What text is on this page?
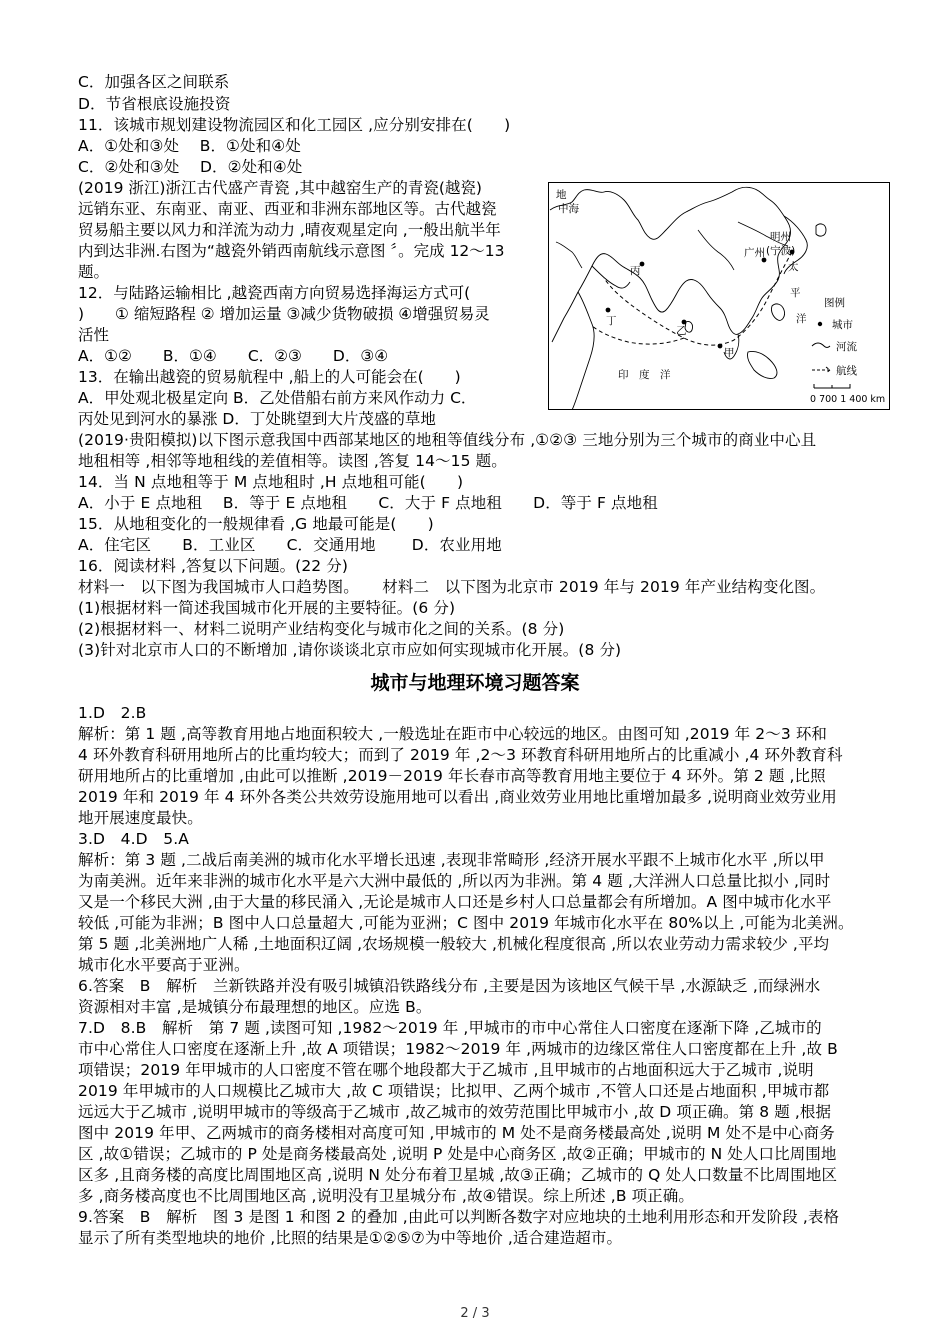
C．加强各区之间联系
D．节省根底设施投资
11．该城市规划建设物流园区和化工园区 ,应分别安排在(　　)
A．①处和③处　 B．①处和④处
C．②处和③处　 D．②处和④处
(2019 浙江)浙江古代盛产青瓷 ,其中越窑生产的青瓷(越瓷)
远销东亚、东南亚、南亚、西亚和非洲东部地区等。古代越瓷
贸易船主要以风力和洋流为动力 ,晴夜观星定向 ,一般出航半年
内到达非洲.右图为“越瓷外销西南航线示意图 〞。完成 12～13
题。
12．与陆路运输相比 ,越瓷西南方向贸易选择海运方式可(
)　　① 缩短路程 ② 增加运量 ③减少货物破损 ④增强贸易灵
活性
A．①②　　B．①④　　C．②③　　D．③④
13．在输出越瓷的贸易航程中 ,船上的人可能会在(　　)
A．甲处观北极星定向 B．乙处借船右前方来风作动力 C．
丙处见到河水的暴涨 D．丁处眺望到大片茂盛的草地
地
中海
丙
丁
乙
甲
广州
明州
(宁波)
太
平
洋
印　度　洋
图例
城市
河流
航线
0 700 1 400 km
(2019·贵阳模拟)以下图示意我国中西部某地区的地租等值线分布 ,①②③ 三地分别为三个城市的商业中心且
地租相等 ,相邻等地租线的差值相等。读图 ,答复 14～15 题。
14．当 N 点地租等于 M 点地租时 ,H 点地租可能(　　)
A．小于 E 点地租　 B．等于 E 点地租　　C．大于 F 点地租　　D．等于 F 点地租
15．从地租变化的一般规律看 ,G 地最可能是(　　)
A．住宅区　　B．工业区　　C．交通用地　　 D．农业用地
16．阅读材料 ,答复以下问题。(22 分)
材料一　以下图为我国城市人口趋势图。　　材料二　以下图为北京市 2019 年与 2019 年产业结构变化图。
(1)根据材料一简述我国城市化开展的主要特征。(6 分)
(2)根据材料一、材料二说明产业结构变化与城市化之间的关系。(8 分)
(3)针对北京市人口的不断增加 ,请你谈谈北京市应如何实现城市化开展。(8 分)
城市与地理环境习题答案
1.D　2.B
解析：第 1 题 ,高等教育用地占地面积较大 ,一般选址在距市中心较远的地区。由图可知 ,2019 年 2～3 环和
4 环外教育科研用地所占的比重均较大；而到了 2019 年 ,2～3 环教育科研用地所占的比重减小 ,4 环外教育科
研用地所占的比重增加 ,由此可以推断 ,2019－2019 年长春市高等教育用地主要位于 4 环外。第 2 题 ,比照
2019 年和 2019 年 4 环外各类公共效劳设施用地可以看出 ,商业效劳业用地比重增加最多 ,说明商业效劳业用
地开展速度最快。
3.D　4.D　5.A
解析：第 3 题 ,二战后南美洲的城市化水平增长迅速 ,表现非常畸形 ,经济开展水平跟不上城市化水平 ,所以甲
为南美洲。近年来非洲的城市化水平是六大洲中最低的 ,所以丙为非洲。第 4 题 ,大洋洲人口总量比拟小 ,同时
又是一个移民大洲 ,由于大量的移民涌入 ,无论是城市人口还是乡村人口总量都会有所增加。A 图中城市化水平
较低 ,可能为非洲；B 图中人口总量超大 ,可能为亚洲；C 图中 2019 年城市化水平在 80%以上 ,可能为北美洲。
第 5 题 ,北美洲地广人稀 ,土地面积辽阔 ,农场规模一般较大 ,机械化程度很高 ,所以农业劳动力需求较少 ,平均
城市化水平要高于亚洲。
6.答案　B　解析　兰新铁路并没有吸引城镇沿铁路线分布 ,主要是因为该地区气候干旱 ,水源缺乏 ,而绿洲水
资源相对丰富 ,是城镇分布最理想的地区。应选 B。
7.D　8.B　解析　第 7 题 ,读图可知 ,1982～2019 年 ,甲城市的市中心常住人口密度在逐渐下降 ,乙城市的
市中心常住人口密度在逐渐上升 ,故 A 项错误；1982～2019 年 ,两城市的边缘区常住人口密度都在上升 ,故 B
项错误；2019 年甲城市的人口密度不管在哪个地段都大于乙城市 ,且甲城市的占地面积远大于乙城市 ,说明
2019 年甲城市的人口规模比乙城市大 ,故 C 项错误；比拟甲、乙两个城市 ,不管人口还是占地面积 ,甲城市都
远远大于乙城市 ,说明甲城市的等级高于乙城市 ,故乙城市的效劳范围比甲城市小 ,故 D 项正确。第 8 题 ,根据
图中 2019 年甲、乙两城市的商务楼相对高度可知 ,甲城市的 M 处不是商务楼最高处 ,说明 M 处不是中心商务
区 ,故①错误；乙城市的 P 处是商务楼最高处 ,说明 P 处是中心商务区 ,故②正确；甲城市的 N 处人口比周围地
区多 ,且商务楼的高度比周围地区高 ,说明 N 处分布着卫星城 ,故③正确；乙城市的 Q 处人口数量不比周围地区
多 ,商务楼高度也不比周围地区高 ,说明没有卫星城分布 ,故④错误。综上所述 ,B 项正确。
9.答案　B　解析　图 3 是图 1 和图 2 的叠加 ,由此可以判断各数字对应地块的土地利用形态和开发阶段 ,表格
显示了所有类型地块的地价 ,比照的结果是①②⑤⑦为中等地价 ,适合建造超市。
2 / 3
